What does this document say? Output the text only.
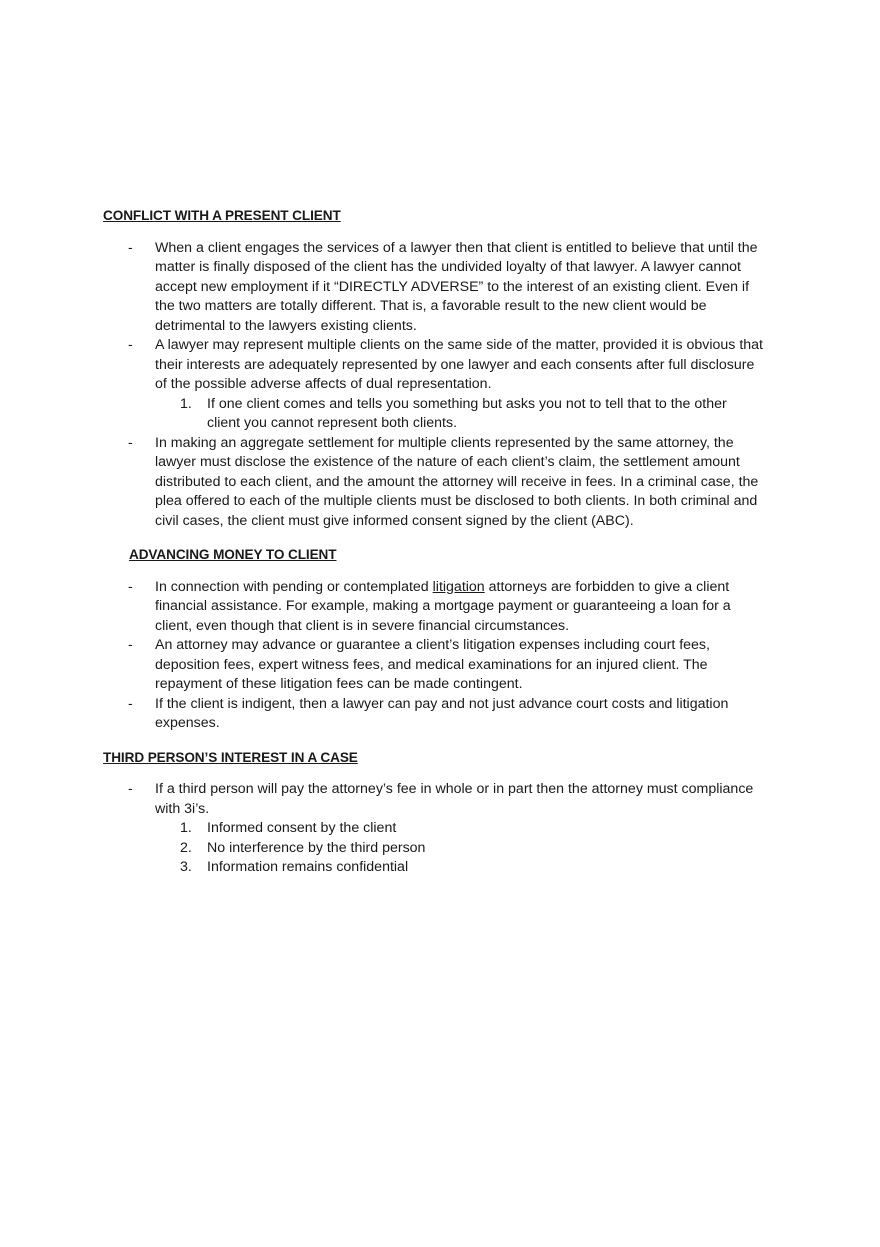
CONFLICT WITH A PRESENT CLIENT
- When a client engages the services of a lawyer then that client is entitled to believe that until the matter is finally disposed of the client has the undivided loyalty of that lawyer. A lawyer cannot accept new employment if it “DIRECTLY ADVERSE” to the interest of an existing client. Even if the two matters are totally different. That is, a favorable result to the new client would be detrimental to the lawyers existing clients.
- A lawyer may represent multiple clients on the same side of the matter, provided it is obvious that their interests are adequately represented by one lawyer and each consents after full disclosure of the possible adverse affects of dual representation.
1. If one client comes and tells you something but asks you not to tell that to the other client you cannot represent both clients.
- In making an aggregate settlement for multiple clients represented by the same attorney, the lawyer must disclose the existence of the nature of each client’s claim, the settlement amount distributed to each client, and the amount the attorney will receive in fees. In a criminal case, the plea offered to each of the multiple clients must be disclosed to both clients. In both criminal and civil cases, the client must give informed consent signed by the client (ABC).
ADVANCING MONEY TO CLIENT
- In connection with pending or contemplated litigation attorneys are forbidden to give a client financial assistance. For example, making a mortgage payment or guaranteeing a loan for a client, even though that client is in severe financial circumstances.
- An attorney may advance or guarantee a client’s litigation expenses including court fees, deposition fees, expert witness fees, and medical examinations for an injured client. The repayment of these litigation fees can be made contingent.
- If the client is indigent, then a lawyer can pay and not just advance court costs and litigation expenses.
THIRD PERSON’S INTEREST IN A CASE
- If a third person will pay the attorney’s fee in whole or in part then the attorney must compliance with 3i’s.
1. Informed consent by the client
2. No interference by the third person
3. Information remains confidential
